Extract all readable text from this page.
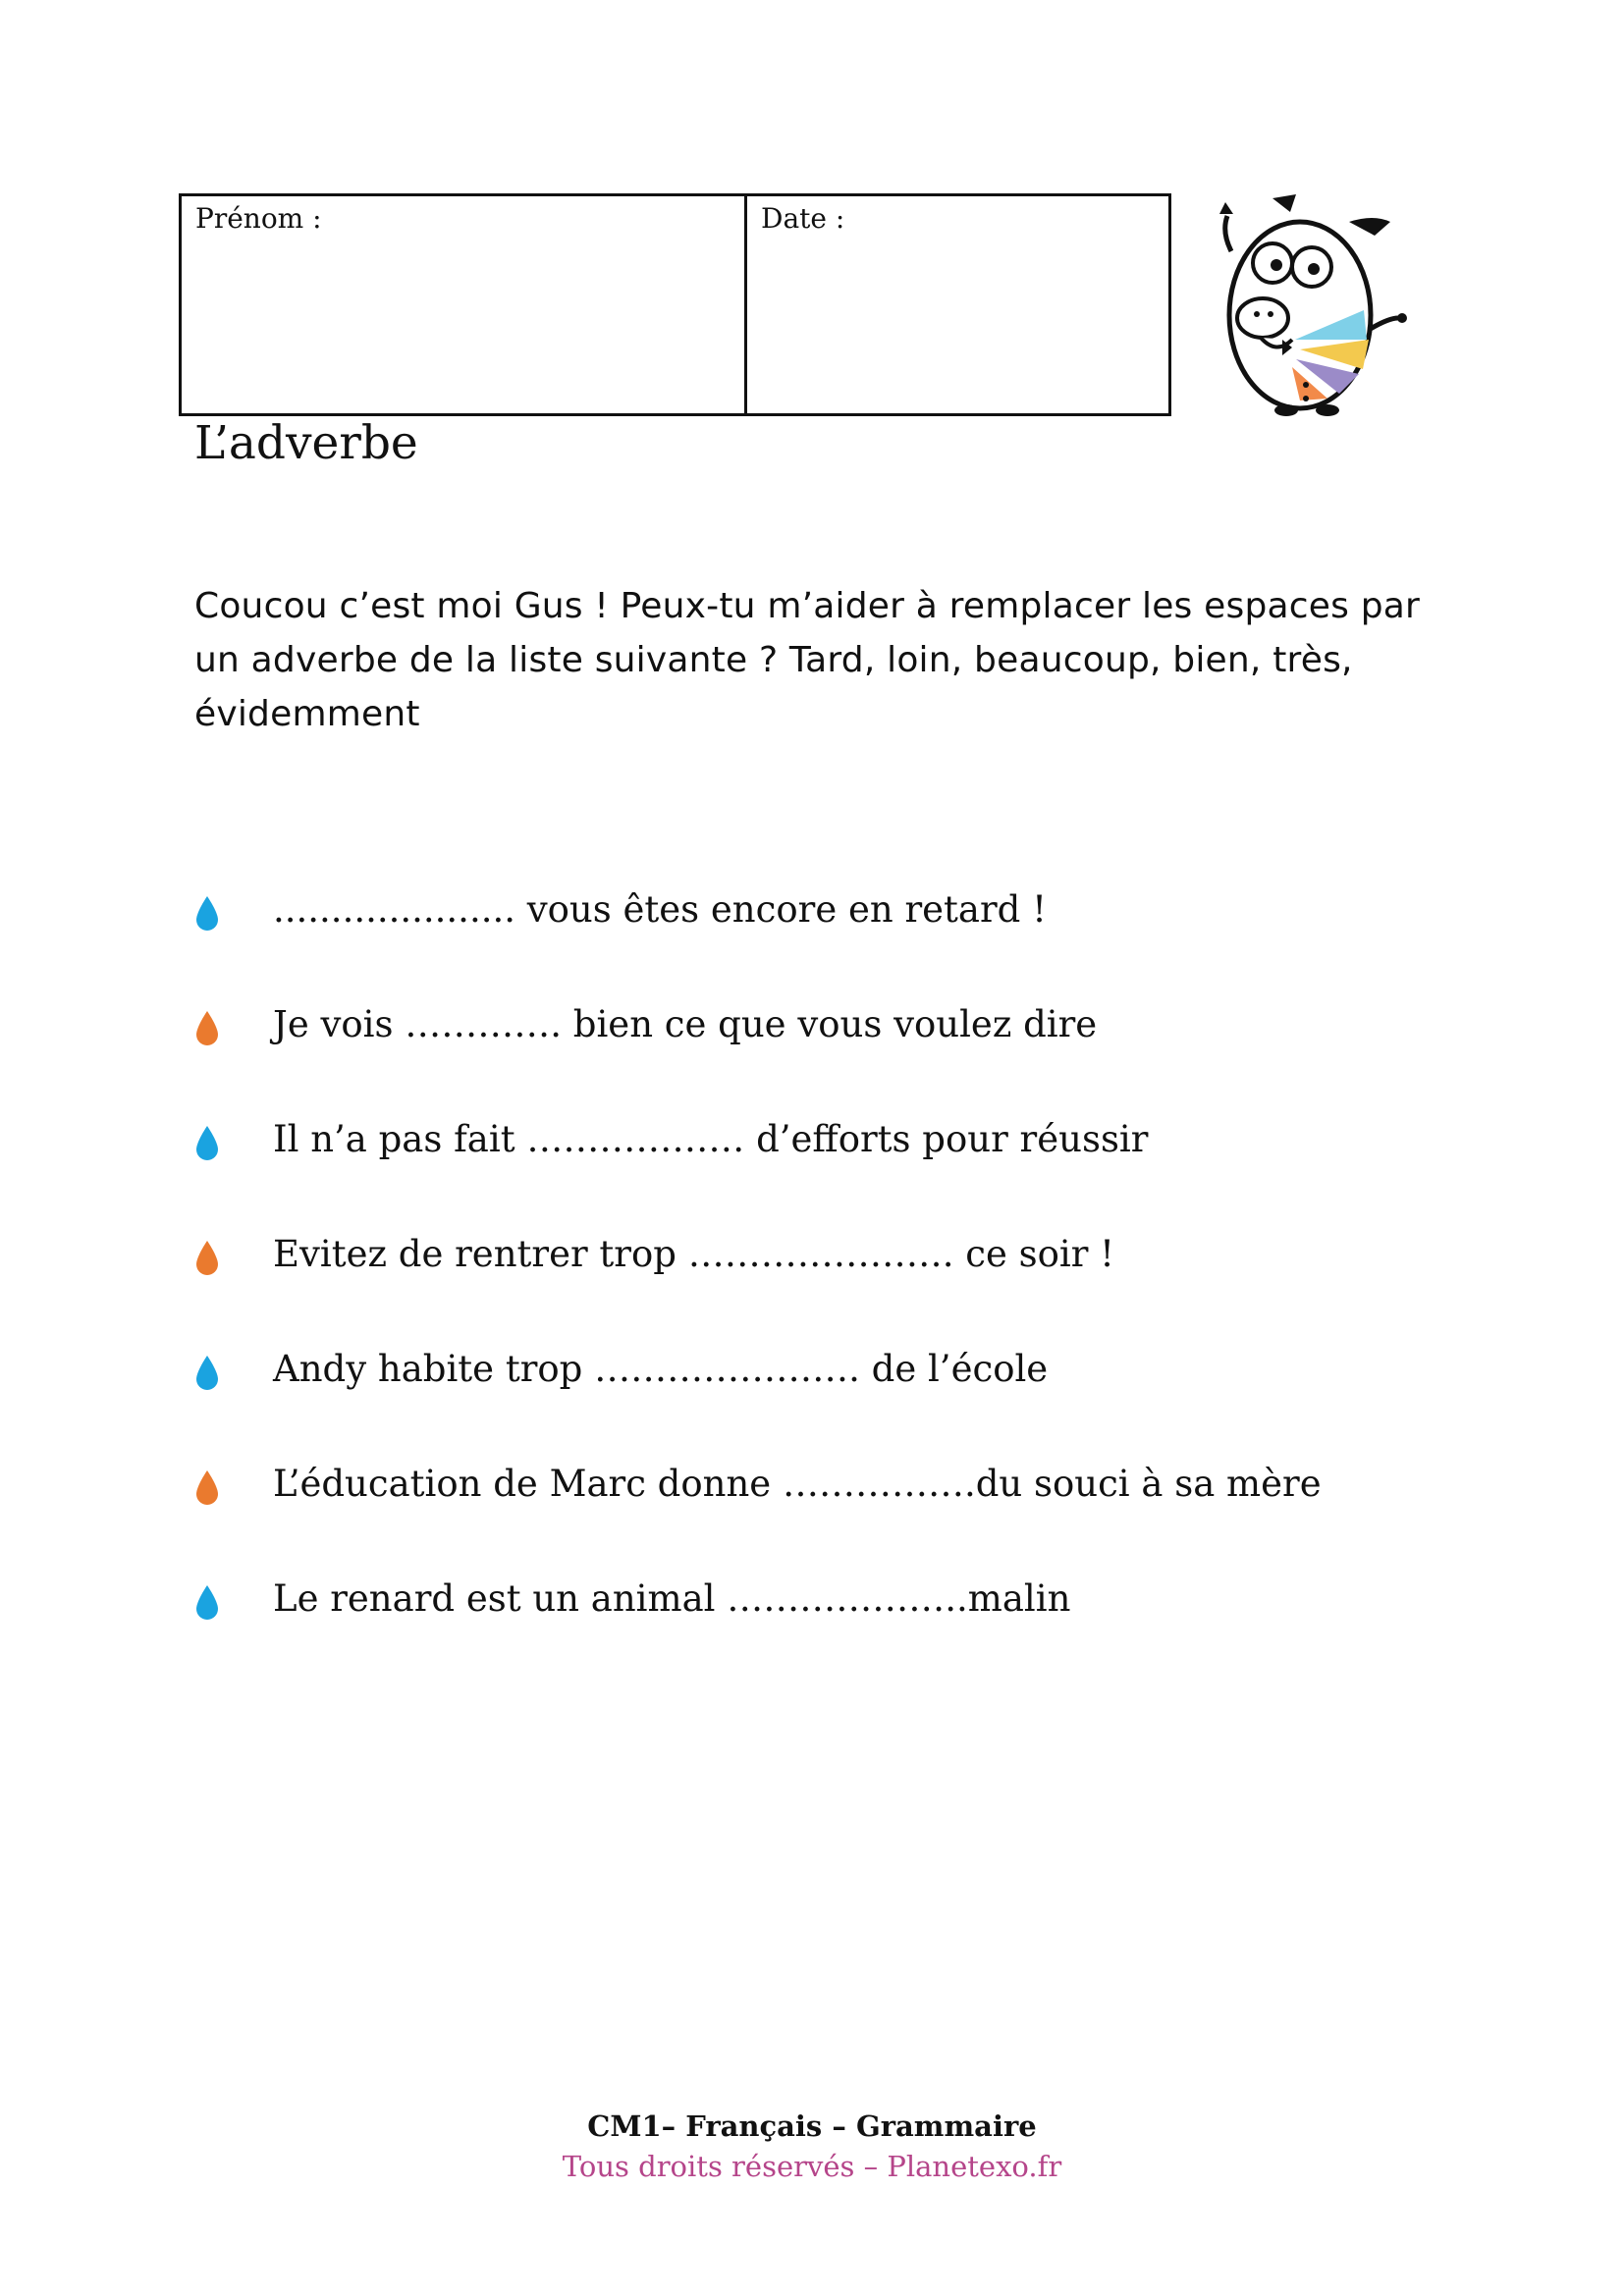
Prénom :	Date :
L’adverbe

Coucou c’est moi Gus ! Peux-tu m’aider à remplacer les espaces par un adverbe de la liste suivante ? Tard, loin, beaucoup, bien, très, évidemment

..................... vous êtes encore en retard !
Je vois …………. bien ce que vous voulez dire
Il n’a pas fait ……………… d’efforts pour réussir
Evitez de rentrer trop …………………. ce soir !
Andy habite trop …………………. de l’école
L’éducation de Marc donne …………….du souci à sa mère
Le renard est un animal ………………..malin
CM1– Français – Grammaire
Tous droits réservés – Planetexo.fr
